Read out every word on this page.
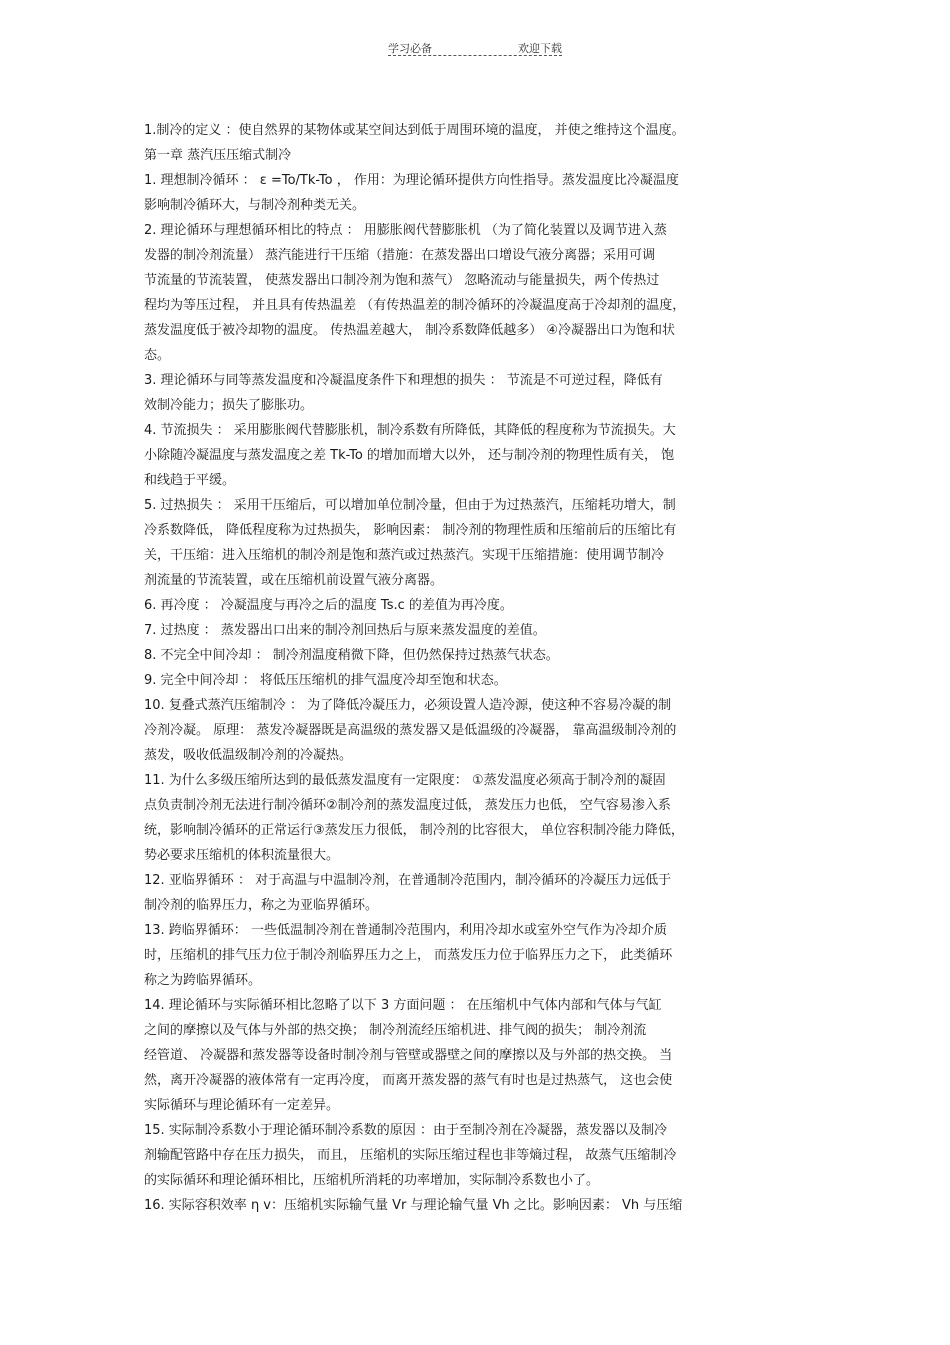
学习必备	欢迎下载
1.制冷的定义 ：使自然界的某物体或某空间达到低于周围环境的温度， 并使之维持这个温度。
第一章 蒸汽压压缩式制冷
1. 理想制冷循环 ： ε =To/Tk-To ， 作用：为理论循环提供方向性指导。蒸发温度比冷凝温度
影响制冷循环大，与制冷剂种类无关。
2. 理论循环与理想循环相比的特点 ： 用膨胀阀代替膨胀机 （为了简化装置以及调节进入蒸
发器的制冷剂流量） 蒸汽能进行干压缩（措施：在蒸发器出口增设气液分离器；采用可调
节流量的节流装置， 使蒸发器出口制冷剂为饱和蒸气） 忽略流动与能量损失，两个传热过
程均为等压过程， 并且具有传热温差 （有传热温差的制冷循环的冷凝温度高于冷却剂的温度，
蒸发温度低于被冷却物的温度。 传热温差越大， 制冷系数降低越多） ④冷凝器出口为饱和状
态。
3. 理论循环与同等蒸发温度和冷凝温度条件下和理想的损失 ： 节流是不可逆过程，降低有
效制冷能力；损失了膨胀功。
4. 节流损失 ： 采用膨胀阀代替膨胀机，制冷系数有所降低，其降低的程度称为节流损失。大
小除随冷凝温度与蒸发温度之差 Tk-To 的增加而增大以外， 还与制冷剂的物理性质有关， 饱
和线趋于平缓。
5. 过热损失 ： 采用干压缩后，可以增加单位制冷量，但由于为过热蒸汽，压缩耗功增大，制
冷系数降低， 降低程度称为过热损失， 影响因素： 制冷剂的物理性质和压缩前后的压缩比有
关，干压缩：进入压缩机的制冷剂是饱和蒸汽或过热蒸汽。实现干压缩措施：使用调节制冷
剂流量的节流装置，或在压缩机前设置气液分离器。
6. 再冷度 ： 冷凝温度与再冷之后的温度 Ts.c 的差值为再冷度。
7. 过热度 ： 蒸发器出口出来的制冷剂回热后与原来蒸发温度的差值。
8. 不完全中间冷却 ： 制冷剂温度稍微下降，但仍然保持过热蒸气状态。
9. 完全中间冷却 ： 将低压压缩机的排气温度冷却至饱和状态。
10. 复叠式蒸汽压缩制冷 ： 为了降低冷凝压力，必须设置人造冷源，使这种不容易冷凝的制
冷剂冷凝。 原理： 蒸发冷凝器既是高温级的蒸发器又是低温级的冷凝器， 靠高温级制冷剂的
蒸发，吸收低温级制冷剂的冷凝热。
11. 为什么多级压缩所达到的最低蒸发温度有一定限度： ①蒸发温度必须高于制冷剂的凝固
点负责制冷剂无法进行制冷循环②制冷剂的蒸发温度过低， 蒸发压力也低， 空气容易渗入系
统，影响制冷循环的正常运行③蒸发压力很低， 制冷剂的比容很大， 单位容积制冷能力降低，
势必要求压缩机的体积流量很大。
12. 亚临界循环 ： 对于高温与中温制冷剂，在普通制冷范围内，制冷循环的冷凝压力远低于
制冷剂的临界压力，称之为亚临界循环。
13. 跨临界循环： 一些低温制冷剂在普通制冷范围内，利用冷却水或室外空气作为冷却介质
时，压缩机的排气压力位于制冷剂临界压力之上， 而蒸发压力位于临界压力之下， 此类循环
称之为跨临界循环。
14. 理论循环与实际循环相比忽略了以下 3 方面问题 ： 在压缩机中气体内部和气体与气缸
之间的摩擦以及气体与外部的热交换； 制冷剂流经压缩机进、排气阀的损失； 制冷剂流
经管道、 冷凝器和蒸发器等设备时制冷剂与管壁或器壁之间的摩擦以及与外部的热交换。 当
然，离开冷凝器的液体常有一定再冷度， 而离开蒸发器的蒸气有时也是过热蒸气， 这也会使
实际循环与理论循环有一定差异。
15. 实际制冷系数小于理论循环制冷系数的原因 ：由于至制冷剂在冷凝器，蒸发器以及制冷
剂输配管路中存在压力损失， 而且， 压缩机的实际压缩过程也非等熵过程， 故蒸气压缩制冷
的实际循环和理论循环相比，压缩机所消耗的功率增加，实际制冷系数也小了。
16. 实际容积效率 η v：压缩机实际输气量 Vr 与理论输气量 Vh 之比。影响因素： Vh 与压缩
